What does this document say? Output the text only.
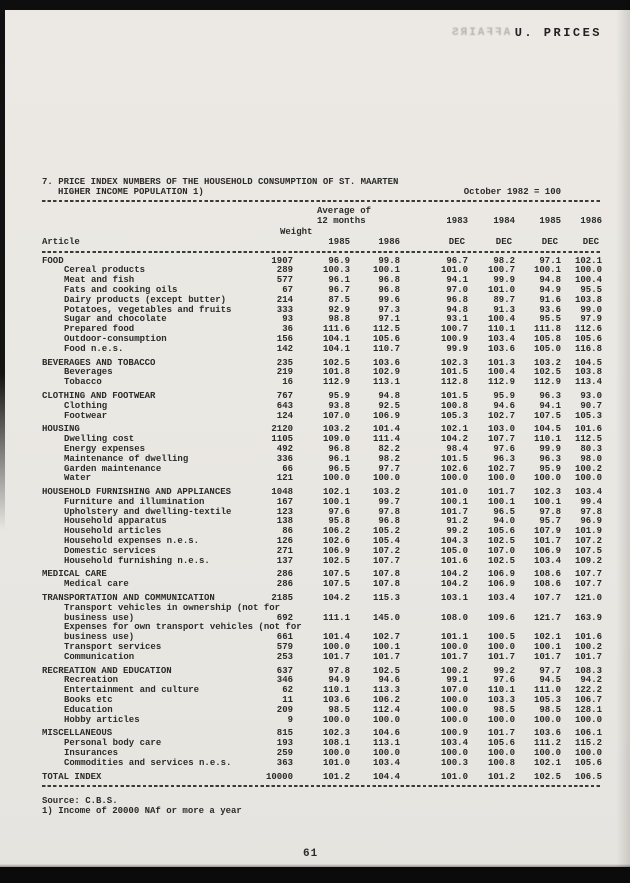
AFFAIRS U. PRICES
7. PRICE INDEX NUMBERS OF THE HOUSEHOLD CONSUMPTION OF ST. MAARTEN
HIGHER INCOME POPULATION 1)	October 1982 = 100
Average of
12 months	1983	1984	1985	1986
Weight
Article	1985	1986	DEC	DEC	DEC	DEC
FOOD	1907	96.9	99.8	96.7	98.2	97.1	102.1
Cereal products	289	100.3	100.1	101.0	100.7	100.1	100.0
Meat and fish	577	96.1	96.8	94.1	99.9	94.8	100.4
Fats and cooking oils	67	96.7	96.8	97.0	101.0	94.9	95.5
Dairy products (except butter)	214	87.5	99.6	96.8	89.7	91.6	103.8
Potatoes, vegetables and fruits	333	92.9	97.3	94.8	91.3	93.6	99.0
Sugar and chocolate	93	98.8	97.1	93.1	100.4	95.5	97.9
Prepared food	36	111.6	112.5	100.7	110.1	111.8	112.6
Outdoor-consumption	156	104.1	105.6	100.9	103.4	105.8	105.6
Food n.e.s.	142	104.1	110.7	99.9	103.6	105.0	116.8
BEVERAGES AND TOBACCO	235	102.5	103.6	102.3	101.3	103.2	104.5
Beverages	219	101.8	102.9	101.5	100.4	102.5	103.8
Tobacco	16	112.9	113.1	112.8	112.9	112.9	113.4
CLOTHING AND FOOTWEAR	767	95.9	94.8	101.5	95.9	96.3	93.0
Clothing	643	93.8	92.5	100.8	94.6	94.1	90.7
Footwear	124	107.0	106.9	105.3	102.7	107.5	105.3
HOUSING	2120	103.2	101.4	102.1	103.0	104.5	101.6
Dwelling cost	1105	109.0	111.4	104.2	107.7	110.1	112.5
Energy expenses	492	96.8	82.2	98.4	97.6	99.9	80.3
Maintenance of dwelling	336	96.1	98.2	101.5	96.3	96.3	98.0
Garden maintenance	66	96.5	97.7	102.6	102.7	95.9	100.2
Water	121	100.0	100.0	100.0	100.0	100.0	100.0
HOUSEHOLD FURNISHING AND APPLIANCES	1048	102.1	103.2	101.0	101.7	102.3	103.4
Furniture and illumination	167	100.1	99.7	100.1	100.1	100.1	99.4
Upholstery and dwelling-textile	123	97.6	97.8	101.7	96.5	97.8	97.8
Household apparatus	138	95.8	96.8	91.2	94.0	95.7	96.9
Household articles	86	106.2	105.2	99.2	105.6	107.9	101.9
Household expenses n.e.s.	126	102.6	105.4	104.3	102.5	101.7	107.2
Domestic services	271	106.9	107.2	105.0	107.0	106.9	107.5
Household furnishing n.e.s.	137	102.5	107.7	101.6	102.5	103.4	109.2
MEDICAL CARE	286	107.5	107.8	104.2	106.9	108.6	107.7
Medical care	286	107.5	107.8	104.2	106.9	108.6	107.7
TRANSPORTATION AND COMMUNICATION	2185	104.2	115.3	103.1	103.4	107.7	121.0
Transport vehicles in ownership (not for
business use)	692	111.1	145.0	108.0	109.6	121.7	163.9
Expenses for own transport vehicles (not for
business use)	661	101.4	102.7	101.1	100.5	102.1	101.6
Transport services	579	100.0	100.1	100.0	100.0	100.1	100.2
Communication	253	101.7	101.7	101.7	101.7	101.7	101.7
RECREATION AND EDUCATION	637	97.8	102.5	100.2	99.2	97.7	108.3
Recreation	346	94.9	94.6	99.1	97.6	94.5	94.2
Entertainment and culture	62	110.1	113.3	107.0	110.1	111.0	122.2
Books etc	11	103.6	106.2	100.0	103.3	105.3	106.7
Education	209	98.5	112.4	100.0	98.5	98.5	128.1
Hobby articles	9	100.0	100.0	100.0	100.0	100.0	100.0
MISCELLANEOUS	815	102.3	104.6	100.9	101.7	103.6	106.1
Personal body care	193	108.1	113.1	103.4	105.6	111.2	115.2
Insurances	259	100.0	100.0	100.0	100.0	100.0	100.0
Commodities and services n.e.s.	363	101.0	103.4	100.3	100.8	102.1	105.6
TOTAL INDEX	10000	101.2	104.4	101.0	101.2	102.5	106.5
Source: C.B.S.
1) Income of 20000 NAf or more a year
61
